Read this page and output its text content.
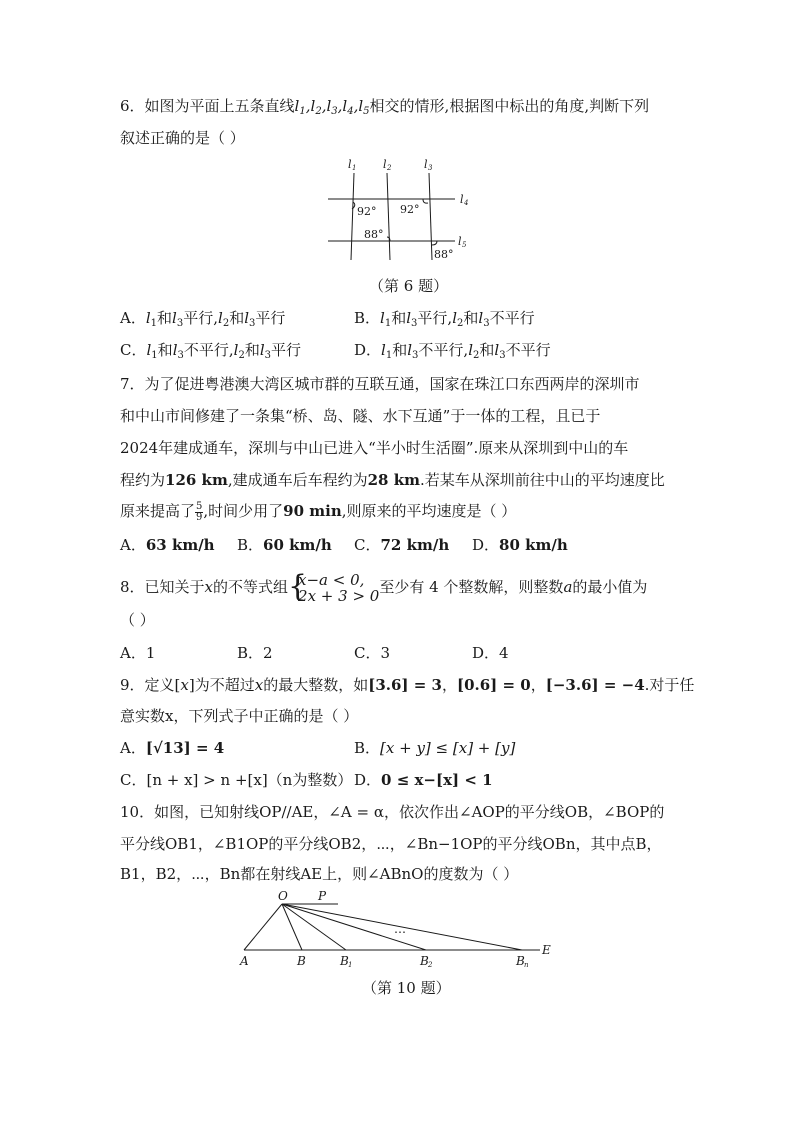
6．如图为平面上五条直线$l_1,l_2,l_3,l_4,l_5$相交的情形,根据图中标出的角度,判断下列
叙述正确的是（ ）
l 1 l 2	l 3
l 4
l 5
92° 92°
88°
88°
（第 6 题）
A．$l_1$和$l_3$平行$,l_2$和$l_3$平行	B．$l_1$和$l_3$平行$,l_2$和$l_3$不平行
C．$l_1$和$l_3$不平行$,l_2$和$l_3$平行	D．$l_1$和$l_3$不平行$,l_2$和$l_3$不平行
7．为了促进粤港澳大湾区城市群的互联互通，国家在珠江口东西两岸的深圳市
和中山市间修建了一条集“桥、岛、隧、水下互通”于一体的工程，且已于
2024年建成通车，深圳与中山已进入“半小时生活圈”.原来从深圳到中山的车
程约为126 km,建成通车后车程约为28 km.若某车从深圳前往中山的平均速度比
原来提高了 $\frac{5}{9}$ ,时间少用了90 min,则原来的平均速度是（ ）
A．63 km/h B．60 km/h C．72 km/h D．80 km/h
8．已知关于x的不等式组 {
x−a < 0,
2x + 3 > 0 至少有 4 个整数解，则整数a的最小值为
（ ）
A．1	B．2	C．3	D．4
9．定义[x]为不超过x的最大整数，如[3.6] = 3，[0.6] = 0，[−3.6] = −4.对于任
意实数x，下列式子中正确的是（ ）
A．[√13] = 4	B．[x + y] ≤ [x] + [y]
C．[n + x] > n +[x]（n为整数） D．0 ≤ x−[x] < 1
10．如图，已知射线OP//AE，∠A = α，依次作出∠AOP的平分线OB，∠BOP的
平分线OB1，∠B1OP的平分线OB2，⋯，∠Bn−1OP的平分线OBn，其中点B，
B1，B2，⋯，Bn都在射线AE上，则∠ABnO的度数为（ ）
O	P
A	B	B 1	B 2	B n
E
⋯
（第 10 题）
